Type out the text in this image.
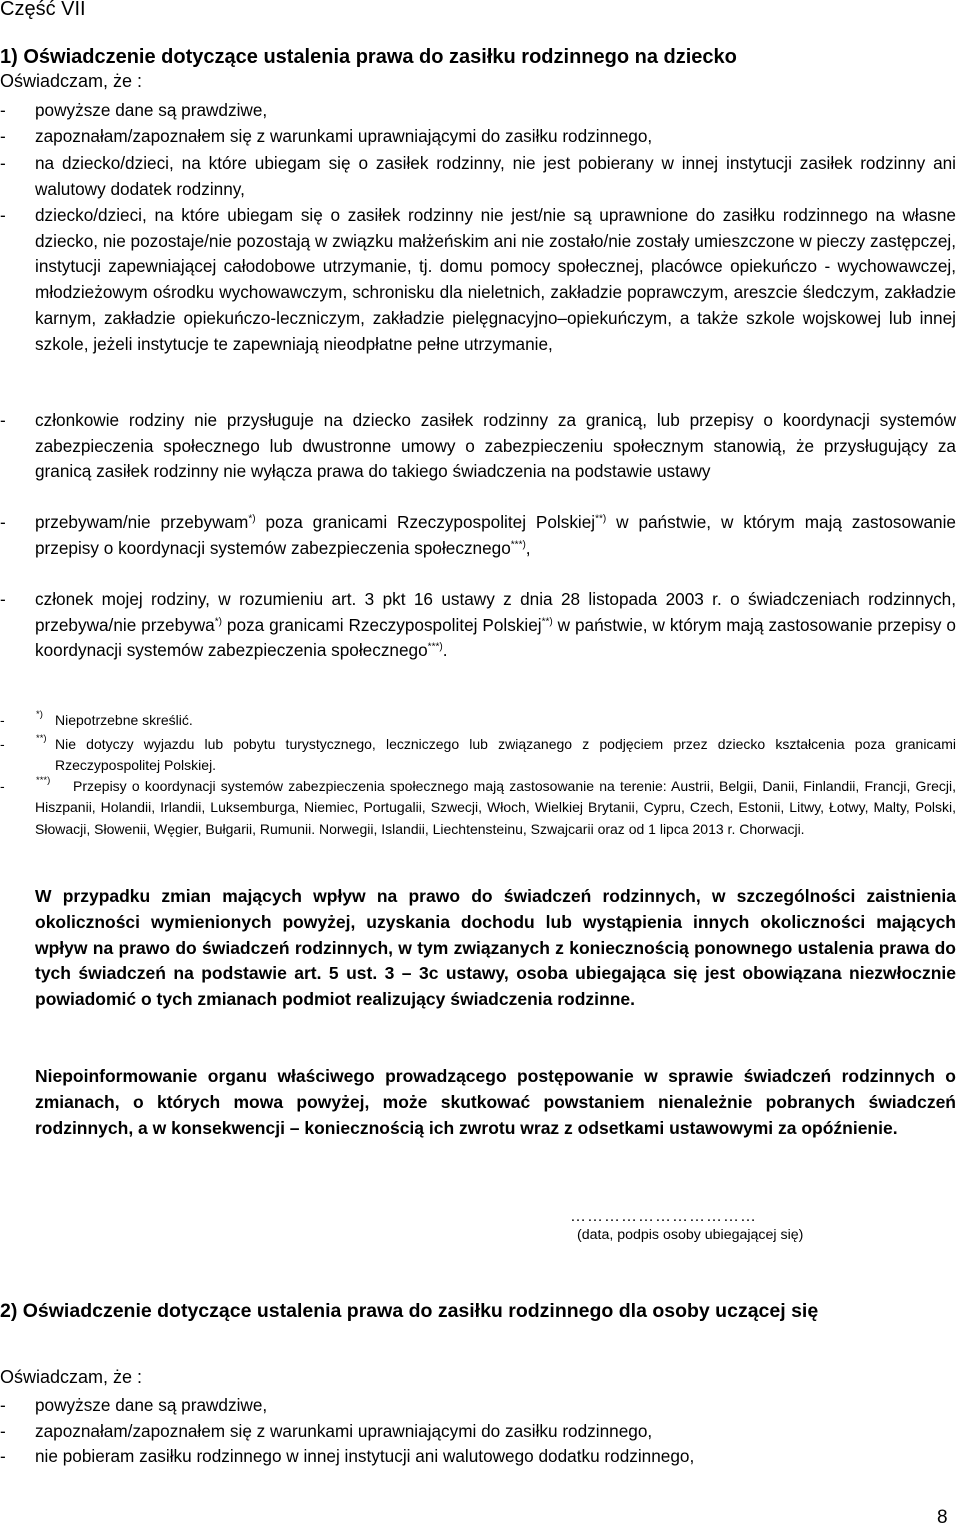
Część VII
1) Oświadczenie dotyczące ustalenia prawa do zasiłku rodzinnego na dziecko
Oświadczam, że :
- powyższe dane są prawdziwe,
- zapoznałam/zapoznałem się z warunkami uprawniającymi do zasiłku rodzinnego,
- na dziecko/dzieci, na które ubiegam się o zasiłek rodzinny, nie jest pobierany w innej instytucji zasiłek rodzinny ani walutowy dodatek rodzinny,
- dziecko/dzieci, na które ubiegam się o zasiłek rodzinny nie jest/nie są uprawnione do zasiłku rodzinnego na własne dziecko, nie pozostaje/nie pozostają w związku małżeńskim ani nie zostało/nie zostały umieszczone w pieczy zastępczej, instytucji zapewniającej całodobowe utrzymanie, tj. domu pomocy społecznej, placówce opiekuńczo - wychowawczej, młodzieżowym ośrodku wychowawczym, schronisku dla nieletnich, zakładzie poprawczym, areszcie śledczym, zakładzie karnym, zakładzie opiekuńczo-leczniczym, zakładzie pielęgnacyjno–opiekuńczym, a także szkole wojskowej lub innej szkole, jeżeli instytucje te zapewniają nieodpłatne pełne utrzymanie,
- członkowie rodziny nie przysługuje na dziecko zasiłek rodzinny za granicą, lub przepisy o koordynacji systemów zabezpieczenia społecznego lub dwustronne umowy o zabezpieczeniu społecznym stanowią, że przysługujący za granicą zasiłek rodzinny nie wyłącza prawa do takiego świadczenia na podstawie ustawy
- przebywam/nie przebywam*) poza granicami Rzeczypospolitej Polskiej**) w państwie, w którym mają zastosowanie przepisy o koordynacji systemów zabezpieczenia społecznego***),
- członek mojej rodziny, w rozumieniu art. 3 pkt 16 ustawy z dnia 28 listopada 2003 r. o świadczeniach rodzinnych, przebywa/nie przebywa*) poza granicami Rzeczypospolitej Polskiej**) w państwie, w którym mają zastosowanie przepisy o koordynacji systemów zabezpieczenia społecznego***).
-	*) Niepotrzebne skreślić.
-	**) Nie dotyczy wyjazdu lub pobytu turystycznego, leczniczego lub związanego z podjęciem przez dziecko kształcenia poza granicami Rzeczypospolitej Polskiej.
-	***)	Przepisy o koordynacji systemów zabezpieczenia społecznego mają zastosowanie na terenie: Austrii, Belgii, Danii, Finlandii, Francji, Grecji, Hiszpanii, Holandii, Irlandii, Luksemburga, Niemiec, Portugalii, Szwecji, Włoch, Wielkiej Brytanii, Cypru, Czech, Estonii, Litwy, Łotwy, Malty, Polski, Słowacji, Słowenii, Węgier, Bułgarii, Rumunii. Norwegii, Islandii, Liechtensteinu, Szwajcarii oraz od 1 lipca 2013 r. Chorwacji.
W przypadku zmian mających wpływ na prawo do świadczeń rodzinnych, w szczególności zaistnienia okoliczności wymienionych powyżej, uzyskania dochodu lub wystąpienia innych okoliczności mających wpływ na prawo do świadczeń rodzinnych, w tym związanych z koniecznością ponownego ustalenia prawa do tych świadczeń na podstawie art. 5 ust. 3 – 3c ustawy, osoba ubiegająca się jest obowiązana niezwłocznie powiadomić o tych zmianach podmiot realizujący świadczenia rodzinne.
Niepoinformowanie organu właściwego prowadzącego postępowanie w sprawie świadczeń rodzinnych o zmianach, o których mowa powyżej, może skutkować powstaniem nienależnie pobranych świadczeń rodzinnych, a w konsekwencji – koniecznością ich zwrotu wraz z odsetkami ustawowymi za opóźnienie.
……………………………
(data, podpis osoby ubiegającej się)
2) Oświadczenie dotyczące ustalenia prawa do zasiłku rodzinnego dla osoby uczącej się
Oświadczam, że :
- powyższe dane są prawdziwe,
- zapoznałam/zapoznałem się z warunkami uprawniającymi do zasiłku rodzinnego,
- nie pobieram zasiłku rodzinnego w innej instytucji ani walutowego dodatku rodzinnego,
8
